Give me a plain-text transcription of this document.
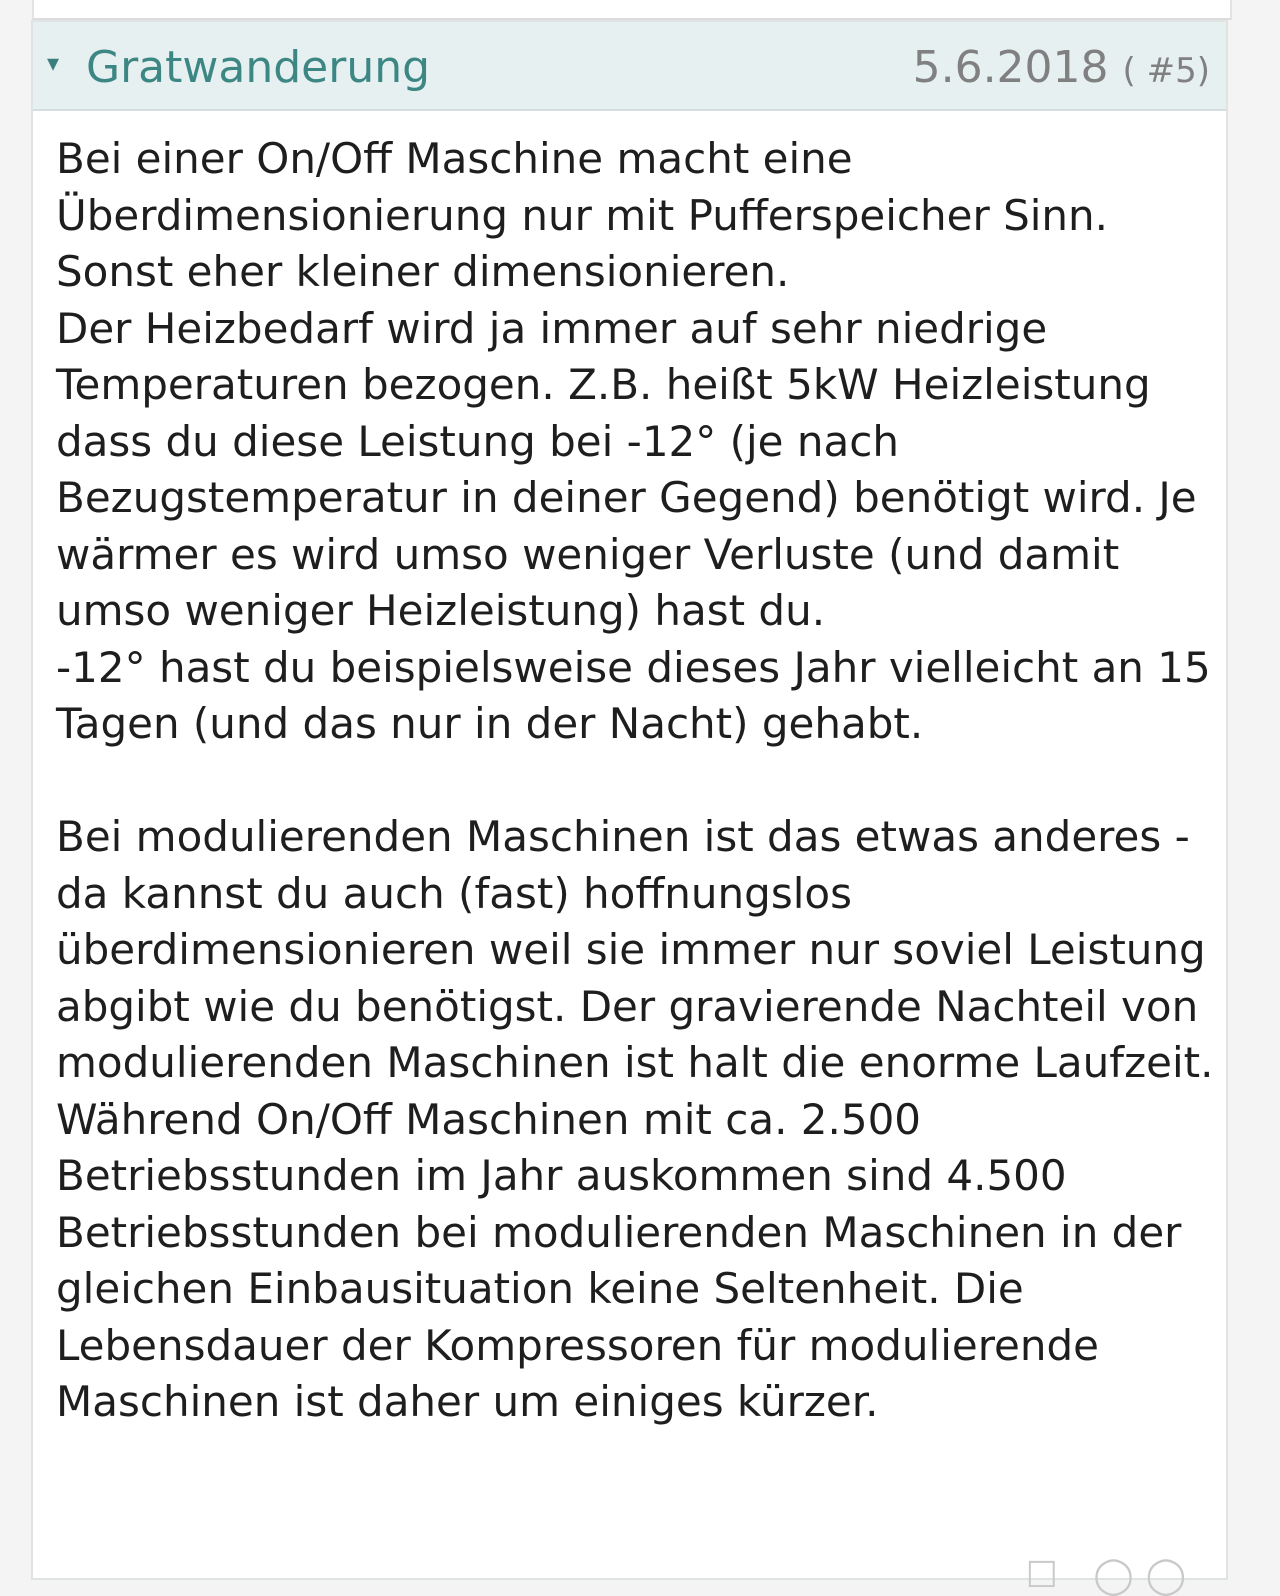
▾ Gratwanderung	5.6.2018 ( #5)

Bei einer On/Off Maschine macht eine Überdimensionierung nur mit Pufferspeicher Sinn.

Sonst eher kleiner dimensionieren.

Der Heizbedarf wird ja immer auf sehr niedrige Temperaturen bezogen. Z.B. heißt 5kW Heizleistung dass du diese Leistung bei -12° (je nach Bezugstemperatur in deiner Gegend) benötigt wird. Je wärmer es wird umso weniger Verluste (und damit umso weniger Heizleistung) hast du.

-12° hast du beispielsweise dieses Jahr vielleicht an 15 Tagen (und das nur in der Nacht) gehabt.

Bei modulierenden Maschinen ist das etwas anderes - da kannst du auch (fast) hoffnungslos überdimensionieren weil sie immer nur soviel Leistung abgibt wie du benötigst. Der gravierende Nachteil von modulierenden Maschinen ist halt die enorme Laufzeit. Während On/Off Maschinen mit ca. 2.500 Betriebsstunden im Jahr auskommen sind 4.500 Betriebsstunden bei modulierenden Maschinen in der gleichen Einbausituation keine Seltenheit. Die Lebensdauer der Kompressoren für modulierende Maschinen ist daher um einiges kürzer.

☐ ◯◯
